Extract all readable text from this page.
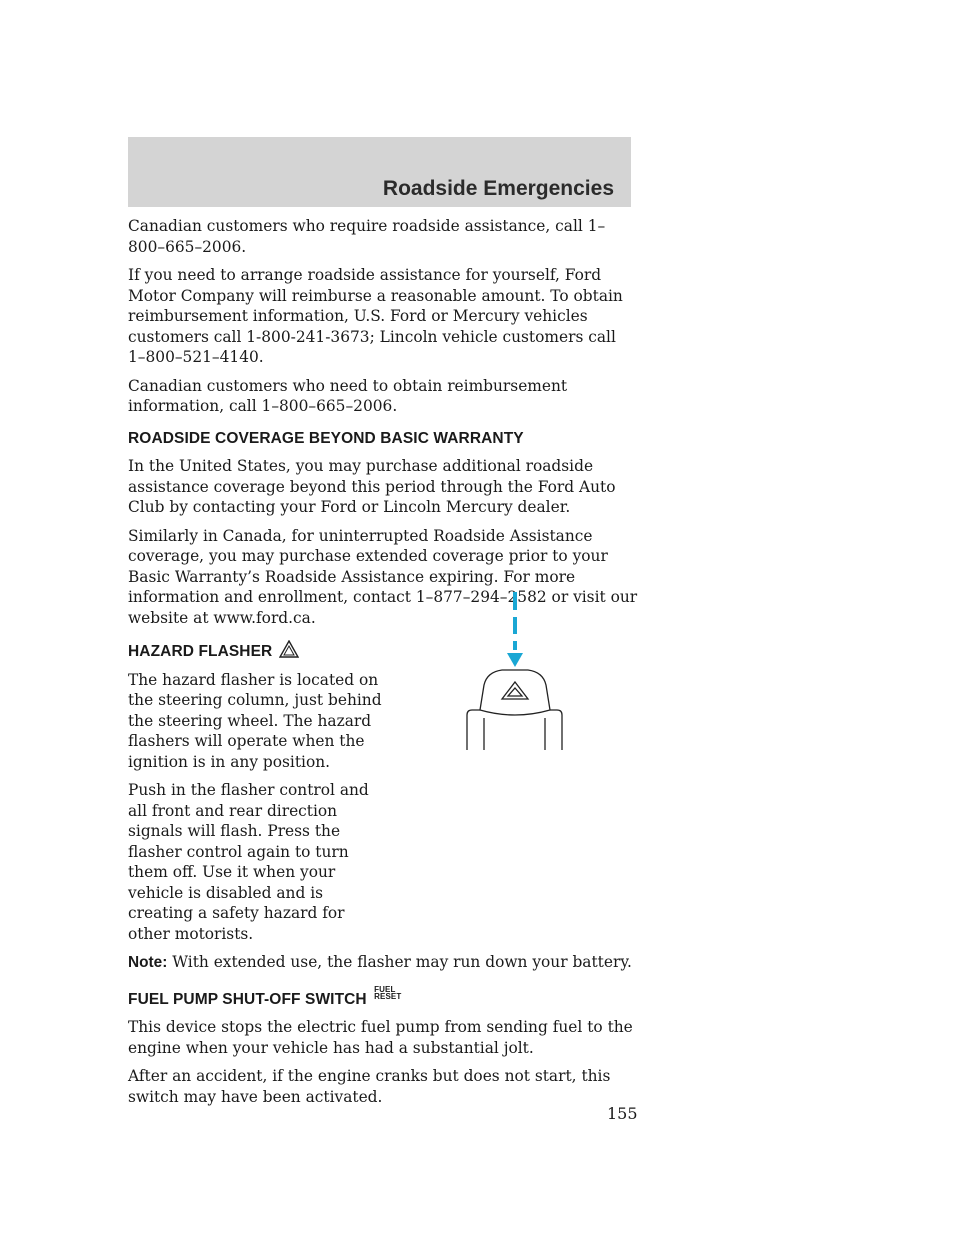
Roadside Emergencies

Canadian customers who require roadside assistance, call 1–800–665–2006.

If you need to arrange roadside assistance for yourself, Ford Motor Company will reimburse a reasonable amount. To obtain reimbursement information, U.S. Ford or Mercury vehicles customers call 1-800-241-3673; Lincoln vehicle customers call 1–800–521–4140.

Canadian customers who need to obtain reimbursement information, call 1–800–665–2006.

ROADSIDE COVERAGE BEYOND BASIC WARRANTY

In the United States, you may purchase additional roadside assistance coverage beyond this period through the Ford Auto Club by contacting your Ford or Lincoln Mercury dealer.

Similarly in Canada, for uninterrupted Roadside Assistance coverage, you may purchase extended coverage prior to your Basic Warranty’s Roadside Assistance expiring. For more information and enrollment, contact 1–877–294–2582 or visit our website at www.ford.ca.

HAZARD FLASHER

The hazard flasher is located on the steering column, just behind the steering wheel. The hazard flashers will operate when the ignition is in any position.

Push in the flasher control and all front and rear direction signals will flash. Press the flasher control again to turn them off. Use it when your vehicle is disabled and is creating a safety hazard for other motorists.

Note: With extended use, the flasher may run down your battery.

FUEL PUMP SHUT-OFF SWITCH FUEL
RESET

This device stops the electric fuel pump from sending fuel to the engine when your vehicle has had a substantial jolt.

After an accident, if the engine cranks but does not start, this switch may have been activated.

155
